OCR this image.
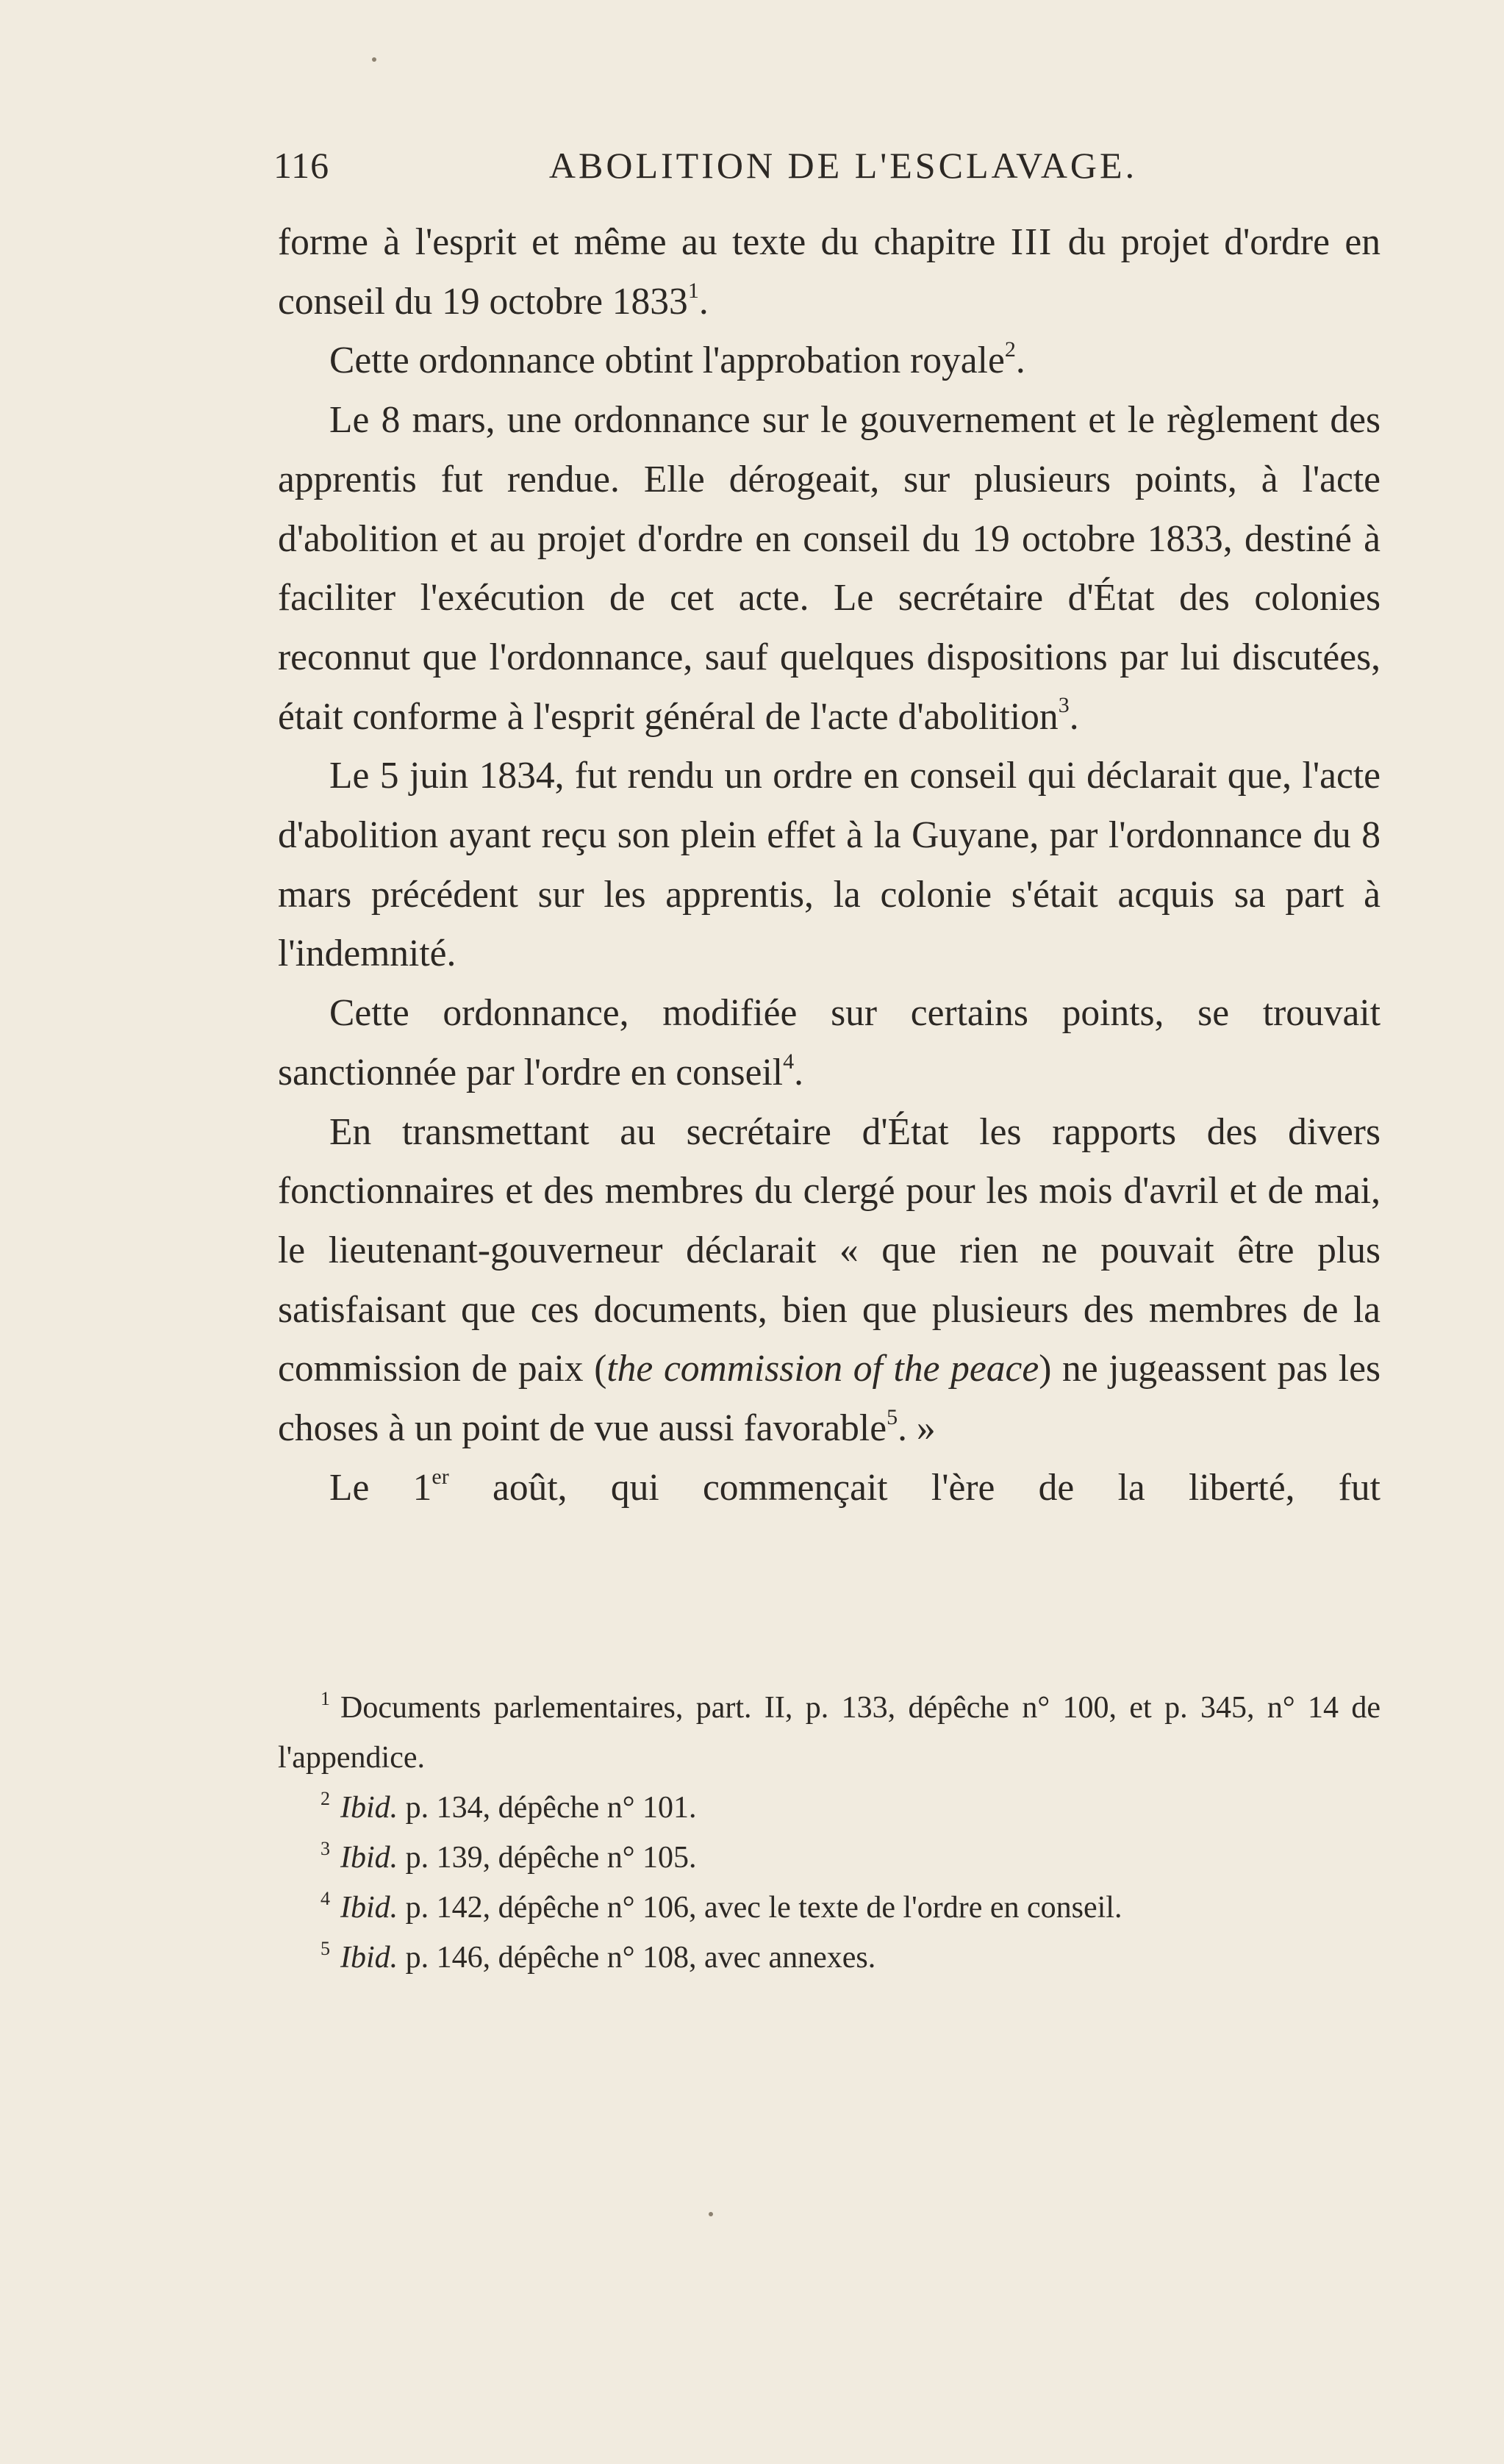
116	ABOLITION DE L'ESCLAVAGE.

forme à l'esprit et même au texte du chapitre III du projet d'ordre en conseil du 19 octobre 1833$^1$.

Cette ordonnance obtint l'approbation royale$^2$.

Le 8 mars, une ordonnance sur le gouvernement et le règlement des apprentis fut rendue. Elle dérogeait, sur plusieurs points, à l'acte d'abolition et au projet d'ordre en conseil du 19 octobre 1833, destiné à faciliter l'exécution de cet acte. Le secrétaire d'État des colonies reconnut que l'ordonnance, sauf quelques dispositions par lui discutées, était conforme à l'esprit général de l'acte d'abolition$^3$.

Le 5 juin 1834, fut rendu un ordre en conseil qui déclarait que, l'acte d'abolition ayant reçu son plein effet à la Guyane, par l'ordonnance du 8 mars précédent sur les apprentis, la colonie s'était acquis sa part à l'indemnité.

Cette ordonnance, modifiée sur certains points, se trouvait sanctionnée par l'ordre en conseil$^4$.

En transmettant au secrétaire d'État les rapports des divers fonctionnaires et des membres du clergé pour les mois d'avril et de mai, le lieutenant-gouverneur déclarait « que rien ne pouvait être plus satisfaisant que ces documents, bien que plusieurs des membres de la commission de paix (the commission of the peace) ne jugeassent pas les choses à un point de vue aussi favorable$^5$. »

Le 1er août, qui commençait l'ère de la liberté, fut

$^1$ Documents parlementaires, part. II, p. 133, dépêche n° 100, et p. 345, n° 14 de l'appendice.

$^2$ Ibid. p. 134, dépêche n° 101.

$^3$ Ibid. p. 139, dépêche n° 105.

$^4$ Ibid. p. 142, dépêche n° 106, avec le texte de l'ordre en conseil.

$^5$ Ibid. p. 146, dépêche n° 108, avec annexes.
